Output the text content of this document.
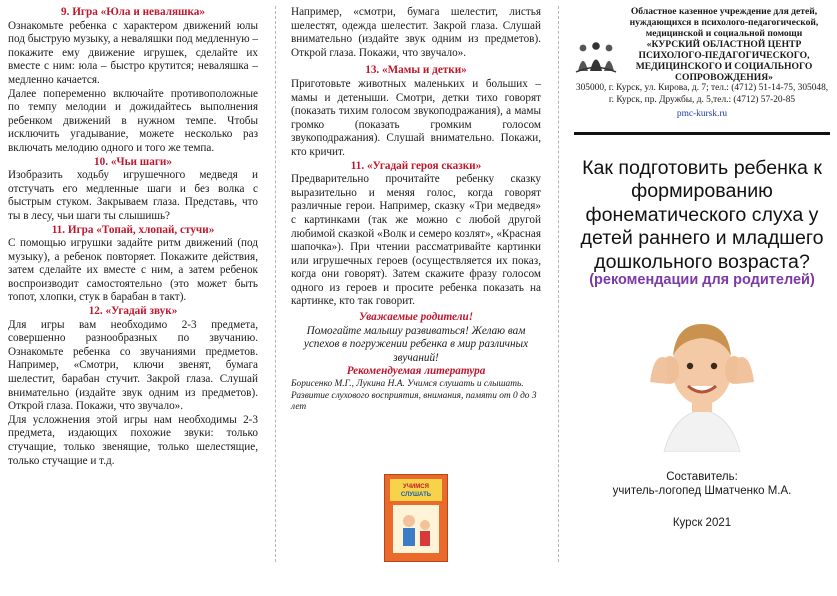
9. Игра «Юла и неваляшка»

Ознакомьте ребенка с характером движений юлы под быструю музыку, а неваляшки под медленную – покажите ему движение игрушек, сделайте их вместе с ним: юла – быстро крутится; неваляшка – медленно качается.

Далее попеременно включайте противоположные по темпу мелодии и дожидайтесь выполнения ребенком движений в нужном темпе. Чтобы исключить угадывание, можете несколько раз включать мелодию одного и того же темпа.

10. «Чьи шаги»

Изобразить ходьбу игрушечного медведя и отстучать его медленные шаги и без волка с быстрым стуком. Закрываем глаза. Представь, что ты в лесу, чьи шаги ты слышишь?

11. Игра «Топай, хлопай, стучи»

С помощью игрушки задайте ритм движений (под музыку), а ребенок повторяет. Покажите действия, затем сделайте их вместе с ним, а затем ребенок воспроизводит самостоятельно (это может быть топот, хлопки, стук в барабан в такт).

12. «Угадай звук»

Для игры вам необходимо 2-3 предмета, совершенно разнообразных по звучанию. Ознакомьте ребенка со звучаниями предметов. Например, «Смотри, ключи звенят, бумага шелестит, барабан стучит. Закрой глаза. Слушай внимательно (издайте звук одним из предметов). Открой глаза. Покажи, что звучало».

Для усложнения этой игры нам необходимы 2-3 предмета, издающих похожие звуки: только стучащие, только звенящие, только шелестящие, только стучащие и т.д.

Например, «смотри, бумага шелестит, листья шелестят, одежда шелестит. Закрой глаза. Слушай внимательно (издайте звук одним из предметов). Открой глаза. Покажи, что звучало».

13. «Мамы и детки»

Приготовьте животных маленьких и больших – мамы и детеныши. Смотри, детки тихо говорят (показать тихим голосом звукоподражания), а мамы громко (показать громким голосом звукоподражания). Слушай внимательно. Покажи, кто кричит.

11. «Угадай героя сказки»

Предварительно прочитайте ребенку сказку выразительно и меняя голос, когда говорят различные герои. Например, сказку «Три медведя» с картинками (так же можно с любой другой любимой сказкой «Волк и семеро козлят», «Красная шапочка»). При чтении рассматривайте картинки или игрушечных героев (осуществляется их показ, когда они говорят). Затем скажите фразу голосом одного из героев и просите ребенка показать на картинке, кто так говорит.

Уважаемые родители!
Помогайте малышу развиваться! Желаю вам успехов в погружении ребенка в мир различных звучаний!
Рекомендуемая литература
Борисенко М.Г., Лукина Н.А. Учимся слушать и слышать. Развитие слухового восприятия, внимания, памяти от 0 до 3 лет
УЧИМСЯ
СЛУШАТЬ
Областное казенное учреждение для детей, нуждающихся в психолого-педагогической, медицинской и социальной помощи
«КУРСКИЙ ОБЛАСТНОЙ ЦЕНТР ПСИХОЛОГО-ПЕДАГОГИЧЕСКОГО, МЕДИЦИНСКОГО И СОЦИАЛЬНОГО СОПРОВОЖДЕНИЯ»
305000, г. Курск, ул. Кирова, д. 7; тел.: (4712) 51-14-75, 305048, г. Курск, пр. Дружбы, д. 5,тел.: (4712) 57-20-85
pmc-kursk.ru
Как подготовить ребенка к формированию фонематического слуха у детей раннего и младшего дошкольного возраста?
(рекомендации для родителей)
Составитель:
учитель-логопед Шматченко М.А.
Курск 2021
